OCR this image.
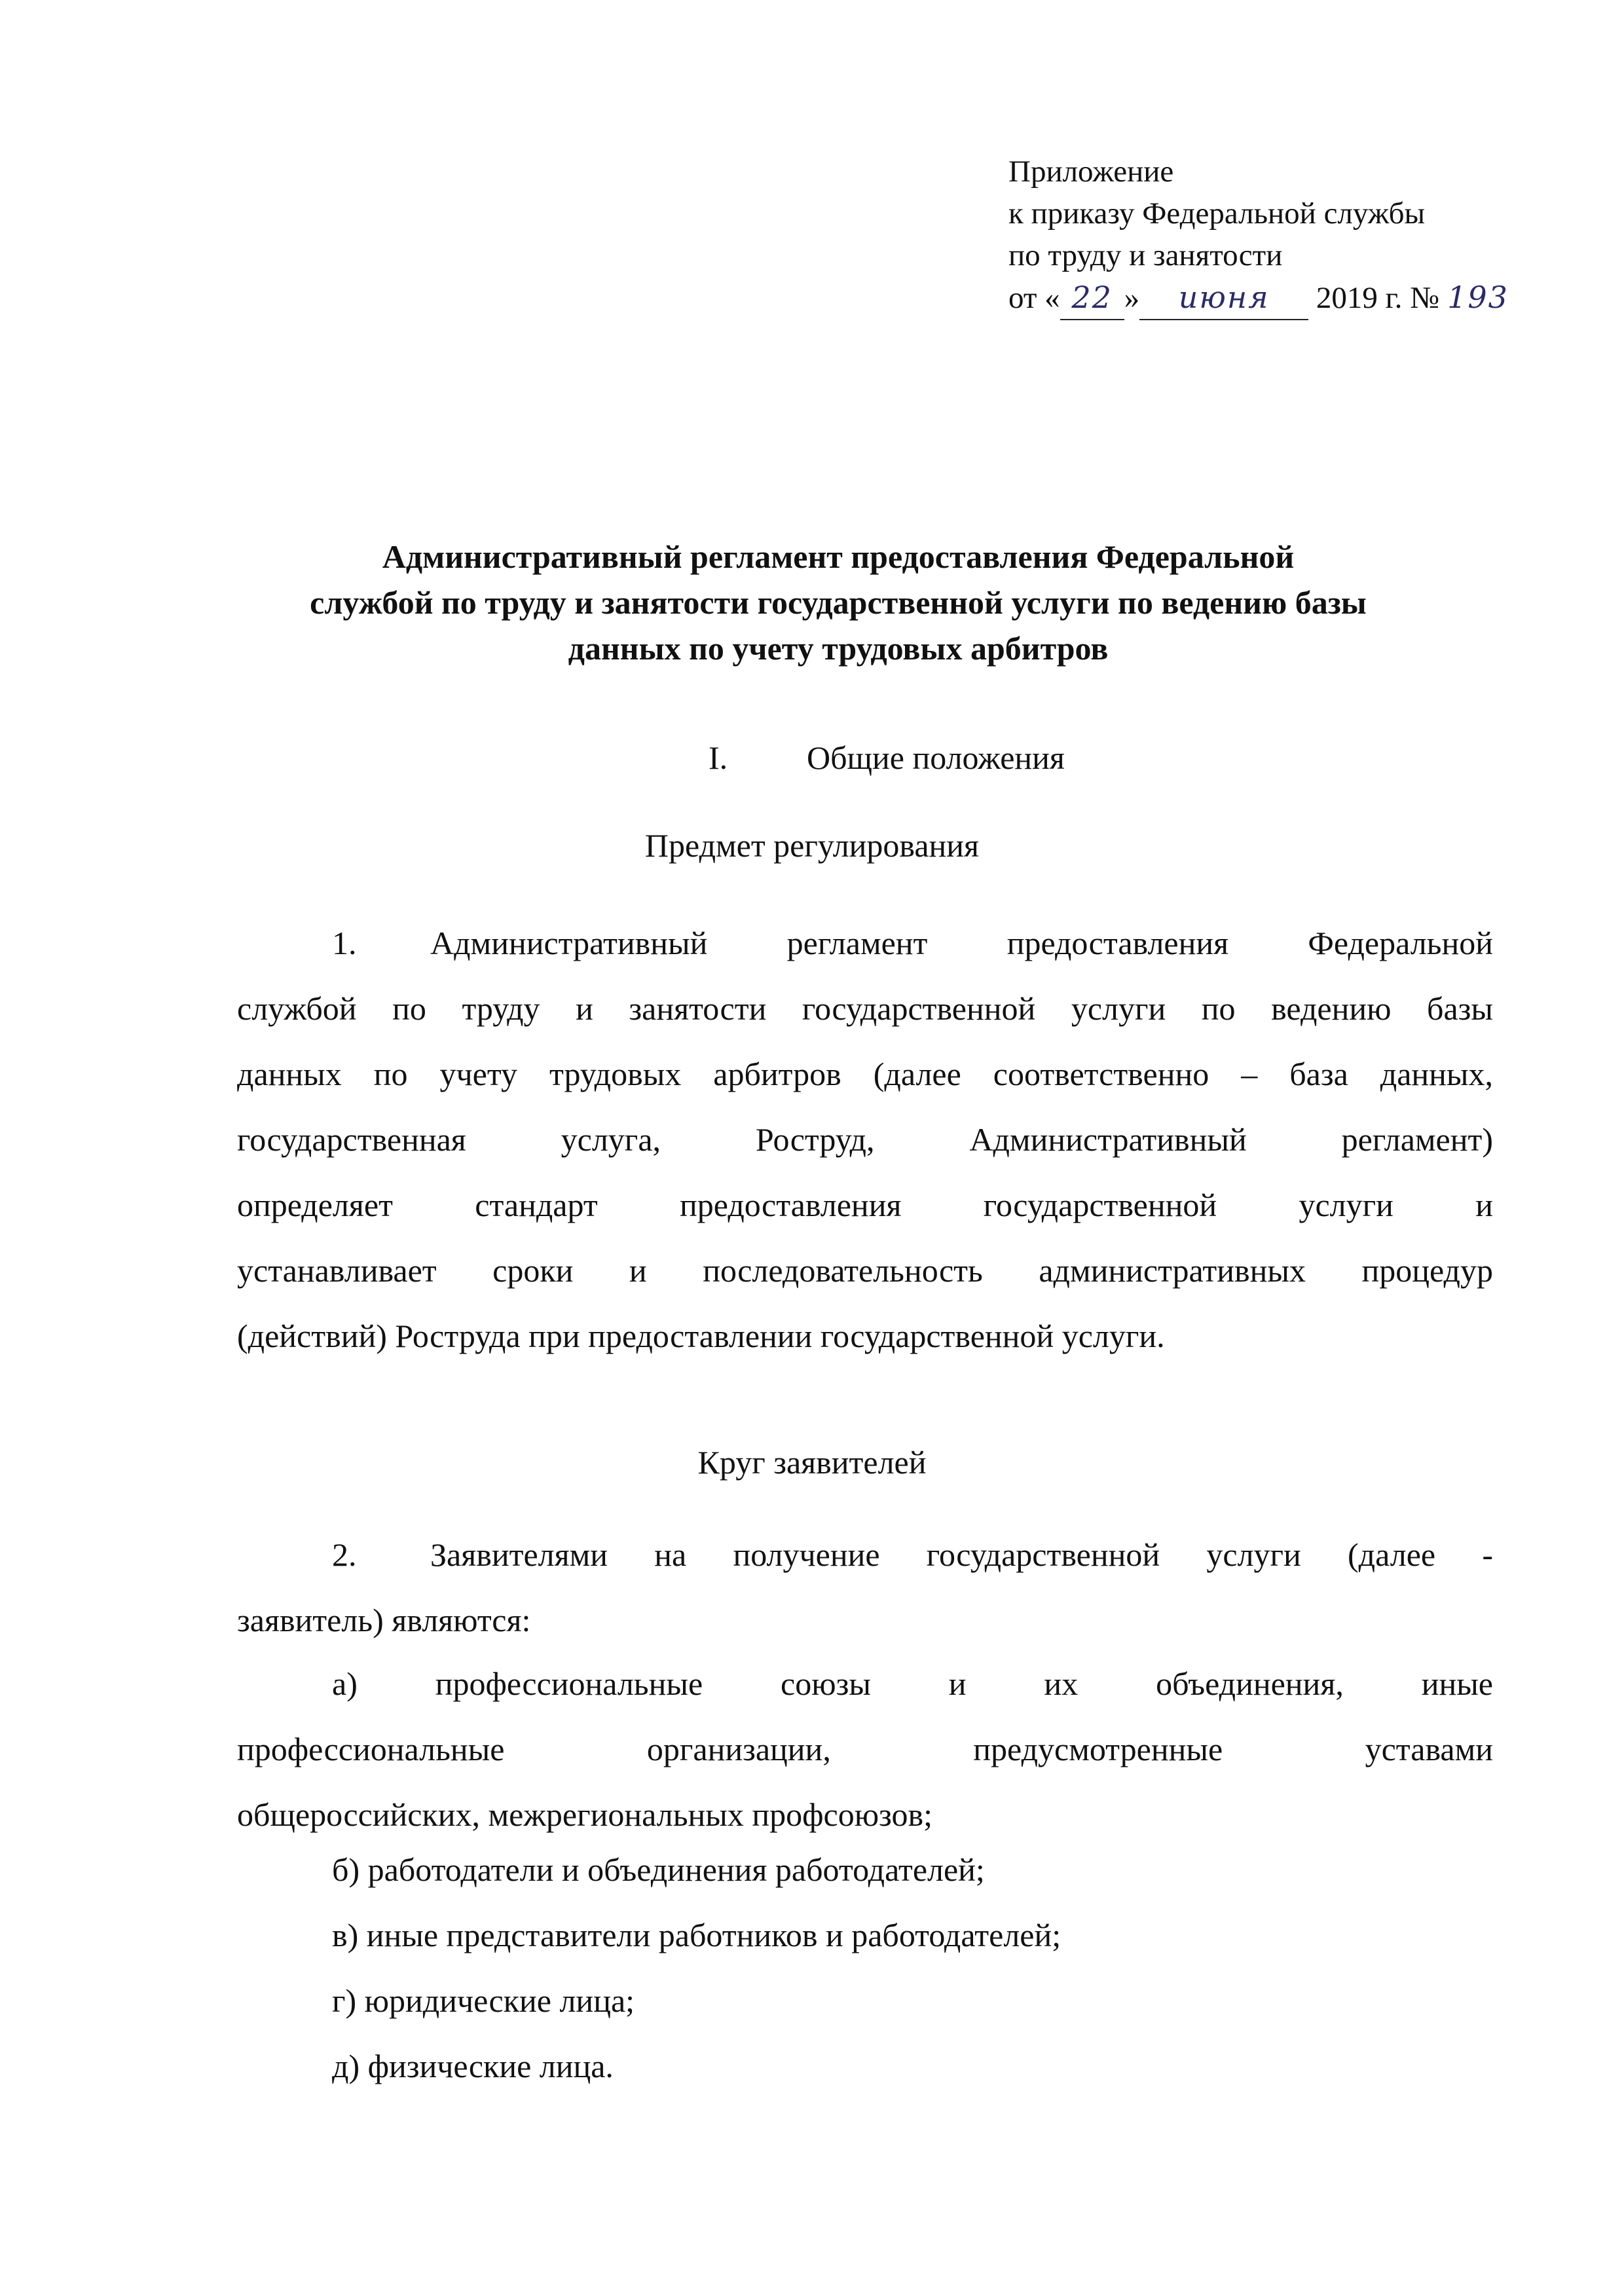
Приложение
к приказу Федеральной службы
по труду и занятости
от « 22 » июня 2019 г. № 193
Административный регламент предоставления Федеральной
службой по труду и занятости государственной услуги по ведению базы
данных по учету трудовых арбитров
I. Общие положения
Предмет регулирования
1. Административный регламент предоставления Федеральной
службой по труду и занятости государственной услуги по ведению базы
данных по учету трудовых арбитров (далее соответственно – база данных,
государственная услуга, Роструд, Административный регламент)
определяет стандарт предоставления государственной услуги и
устанавливает сроки и последовательность административных процедур
(действий) Роструда при предоставлении государственной услуги.
Круг заявителей
2. Заявителями на получение государственной услуги (далее -
заявитель) являются:
а) профессиональные союзы и их объединения, иные
профессиональные организации, предусмотренные уставами
общероссийских, межрегиональных профсоюзов;
б) работодатели и объединения работодателей;
в) иные представители работников и работодателей;
г) юридические лица;
д) физические лица.
